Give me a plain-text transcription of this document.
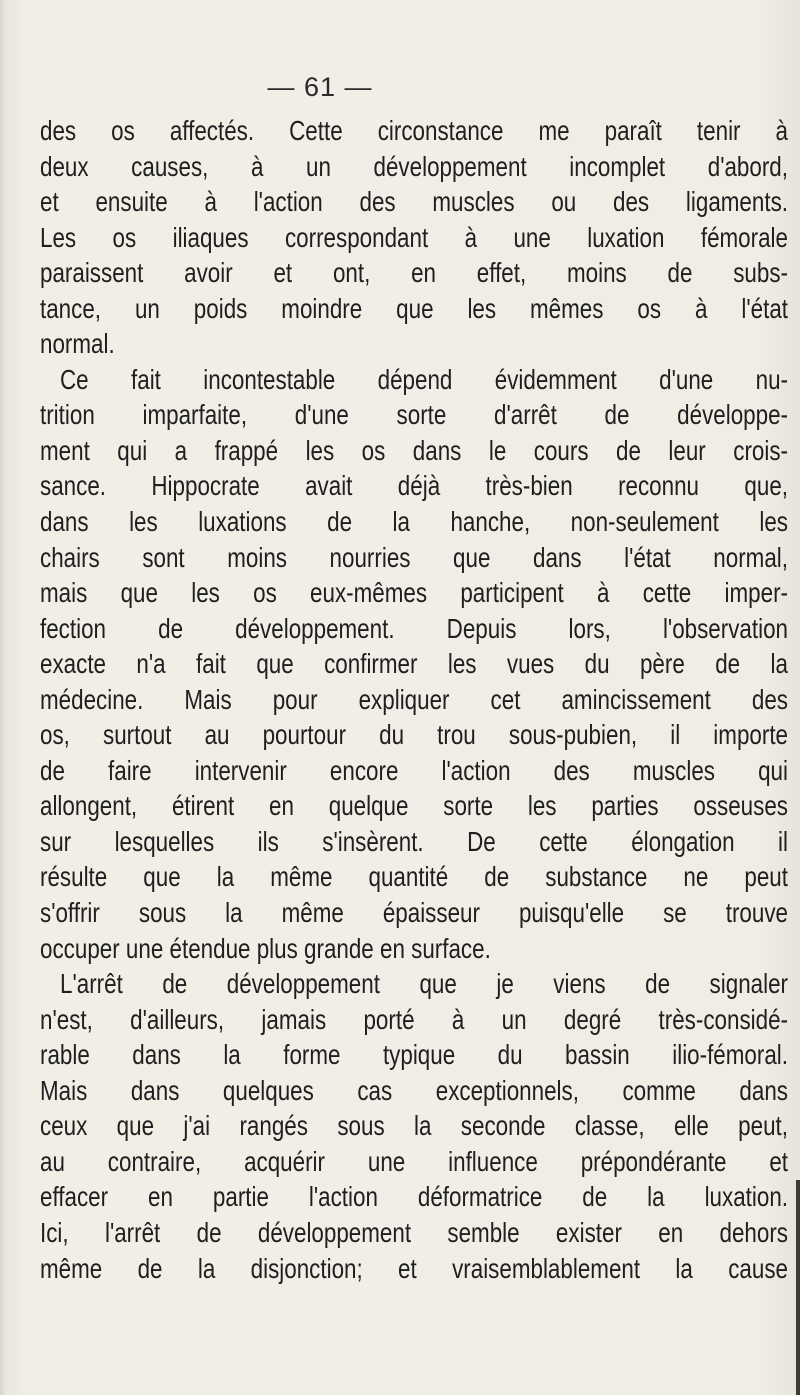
— 61 —
des os affectés. Cette circonstance me paraît tenir à
deux causes, à un développement incomplet d'abord,
et ensuite à l'action des muscles ou des ligaments.
Les os iliaques correspondant à une luxation fémorale
paraissent avoir et ont, en effet, moins de subs-
tance, un poids moindre que les mêmes os à l'état
normal.
Ce fait incontestable dépend évidemment d'une nu-
trition imparfaite, d'une sorte d'arrêt de développe-
ment qui a frappé les os dans le cours de leur crois-
sance. Hippocrate avait déjà très-bien reconnu que,
dans les luxations de la hanche, non-seulement les
chairs sont moins nourries que dans l'état normal,
mais que les os eux-mêmes participent à cette imper-
fection de développement. Depuis lors, l'observation
exacte n'a fait que confirmer les vues du père de la
médecine. Mais pour expliquer cet amincissement des
os, surtout au pourtour du trou sous-pubien, il importe
de faire intervenir encore l'action des muscles qui
allongent, étirent en quelque sorte les parties osseuses
sur lesquelles ils s'insèrent. De cette élongation il
résulte que la même quantité de substance ne peut
s'offrir sous la même épaisseur puisqu'elle se trouve
occuper une étendue plus grande en surface.
L'arrêt de développement que je viens de signaler
n'est, d'ailleurs, jamais porté à un degré très-considé-
rable dans la forme typique du bassin ilio-fémoral.
Mais dans quelques cas exceptionnels, comme dans
ceux que j'ai rangés sous la seconde classe, elle peut,
au contraire, acquérir une influence prépondérante et
effacer en partie l'action déformatrice de la luxation.
Ici, l'arrêt de développement semble exister en dehors
même de la disjonction; et vraisemblablement la cause
